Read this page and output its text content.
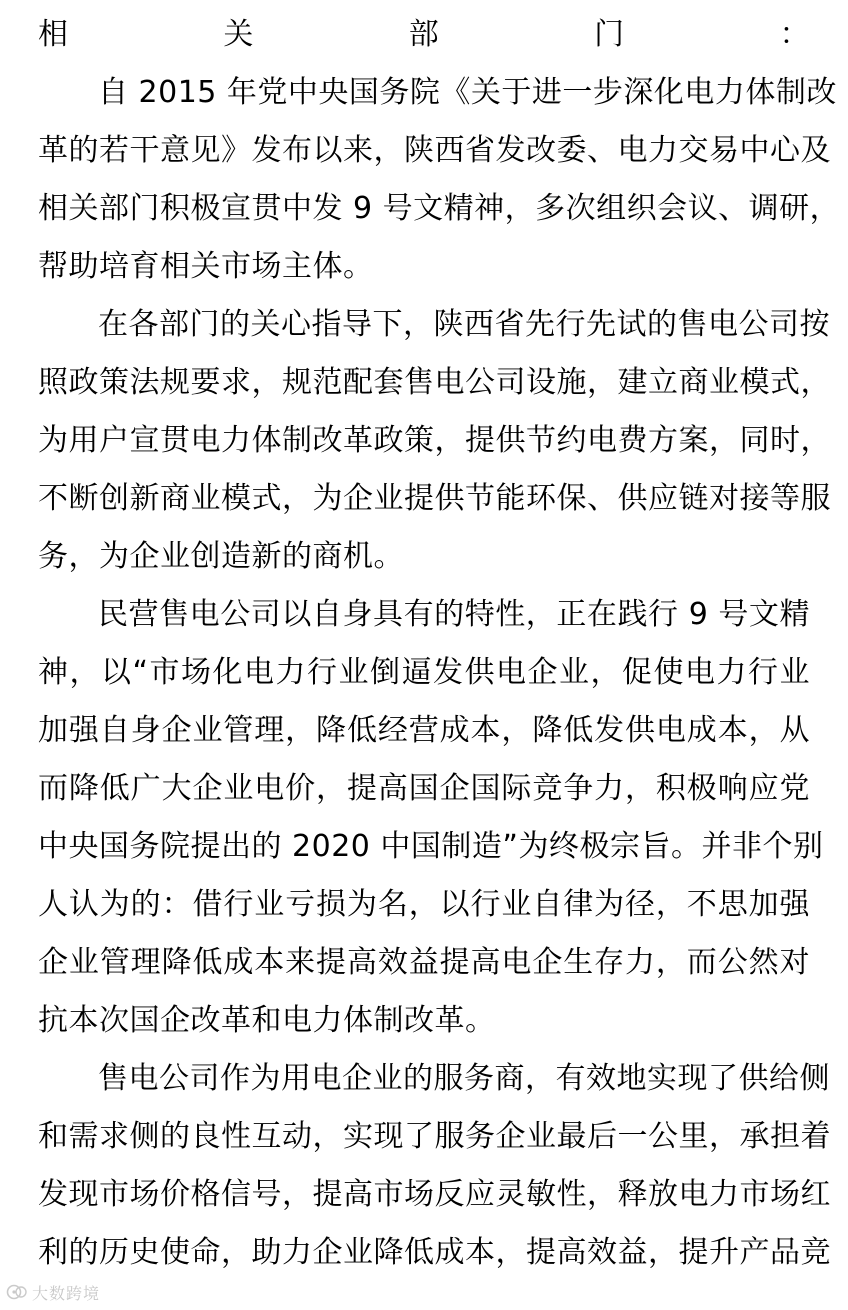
相关部门：
自 2015 年党中央国务院《关于进一步深化电力体制改
革的若干意见》发布以来，陕西省发改委、电力交易中心及
相关部门积极宣贯中发 9 号文精神，多次组织会议、调研，
帮助培育相关市场主体。
在各部门的关心指导下，陕西省先行先试的售电公司按
照政策法规要求，规范配套售电公司设施，建立商业模式，
为用户宣贯电力体制改革政策，提供节约电费方案，同时，
不断创新商业模式，为企业提供节能环保、供应链对接等服
务，为企业创造新的商机。
民营售电公司以自身具有的特性，正在践行 9 号文精
神，以“市场化电力行业倒逼发供电企业，促使电力行业
加强自身企业管理，降低经营成本，降低发供电成本，从
而降低广大企业电价，提高国企国际竞争力，积极响应党
中央国务院提出的 2020 中国制造”为终极宗旨。并非个别
人认为的：借行业亏损为名，以行业自律为径，不思加强
企业管理降低成本来提高效益提高电企生存力，而公然对
抗本次国企改革和电力体制改革。
售电公司作为用电企业的服务商，有效地实现了供给侧
和需求侧的良性互动，实现了服务企业最后一公里，承担着
发现市场价格信号，提高市场反应灵敏性，释放电力市场红
利的历史使命，助力企业降低成本，提高效益，提升产品竞
大数跨境
